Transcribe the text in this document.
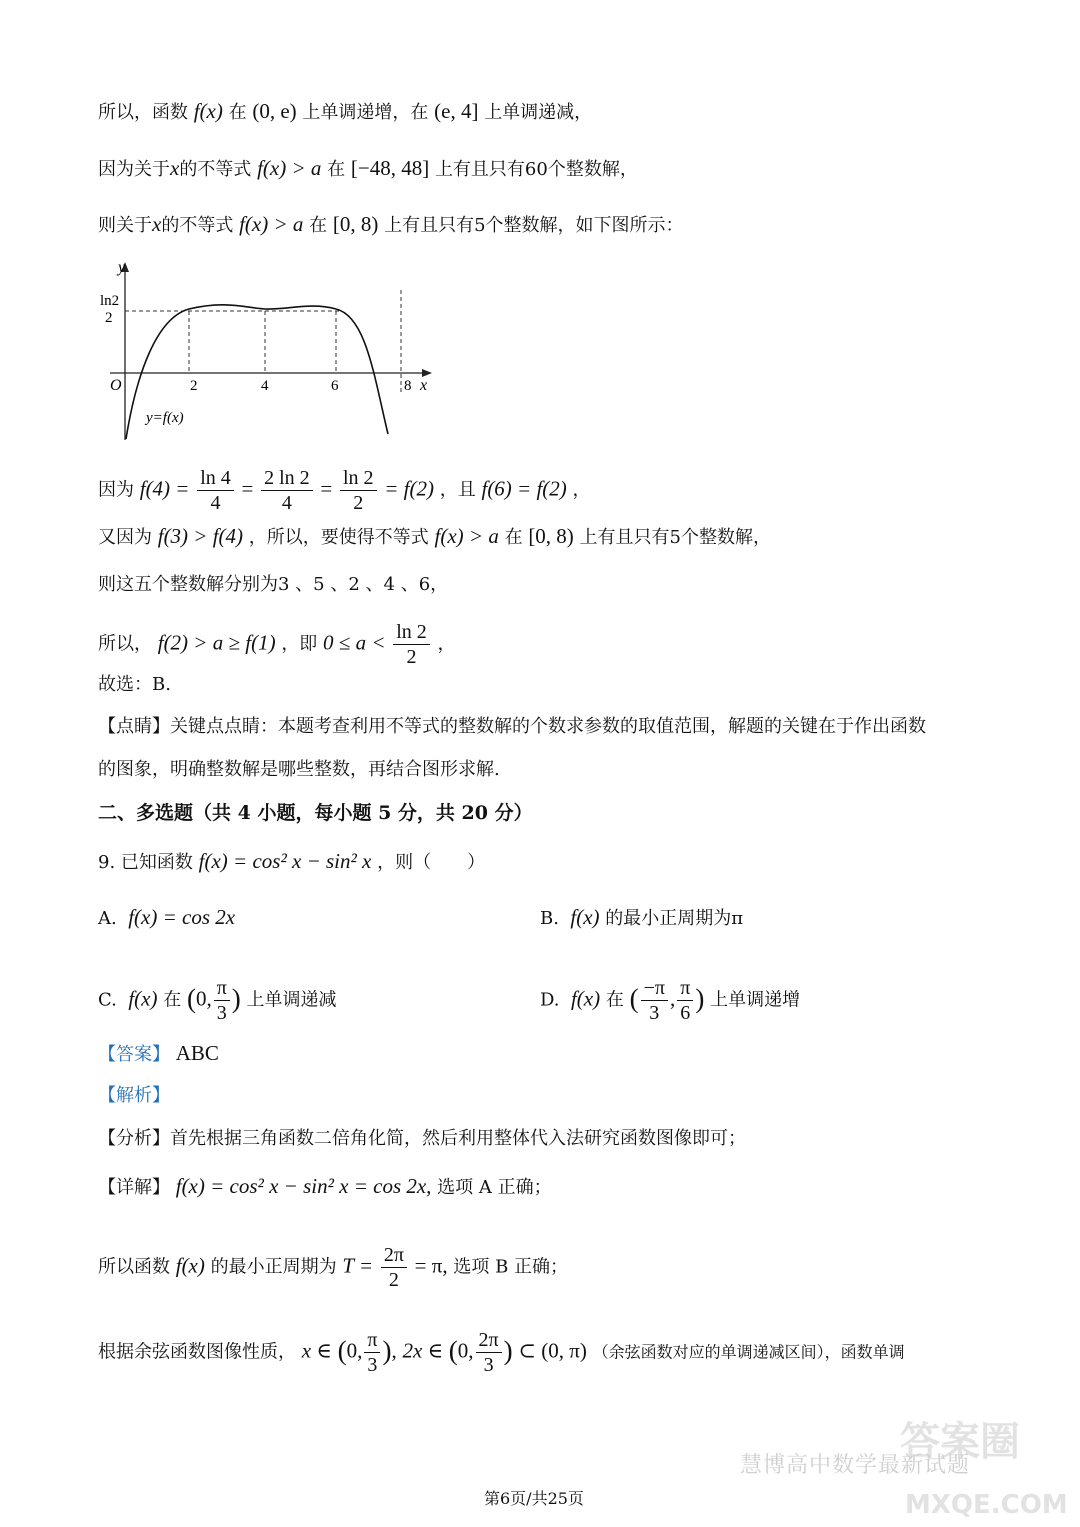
所以，函数 f(x) 在 (0, e) 上单调递增，在 (e, 4] 上单调递减，
因为关于x的不等式 f(x) > a 在 [−48, 48] 上有且只有60个整数解，
则关于x的不等式 f(x) > a 在 [0, 8) 上有且只有5个整数解，如下图所示：
y
x
O
ln2
2
2	4	6	8
y=f(x)
因为 $f(4) = \frac{\ln 4}{4} = \frac{2 \ln 2}{4} = \frac{\ln 2}{2} = f(2)$ ，且 f(6) = f(2) ，
又因为 f(3) > f(4) ，所以，要使得不等式 f(x) > a 在 [0, 8) 上有且只有5个整数解，
则这五个整数解分别为3 、5 、2 、4 、6，
所以， f(2) > a ≥ f(1) ，即 $0 \le a < \frac{\ln 2}{2}$ ，
故选：B.
【点睛】关键点点睛：本题考查利用不等式的整数解的个数求参数的取值范围，解题的关键在于作出函数
的图象，明确整数解是哪些整数，再结合图形求解.
二、多选题（共 4 小题，每小题 5 分，共 20 分）
9. 已知函数 f(x) = cos² x − sin² x ，则（　　）
A. f(x) = cos 2x	B. f(x) 的最小正周期为π
C. f(x) 在 (0, $\frac{\pi}{3}$ ) 上单调递减	D. f(x) 在 ( $\frac{-\pi}{3}$ , $\frac{\pi}{6}$ ) 上单调递增
【答案】 ABC
【解析】
【分析】首先根据三角函数二倍角化简，然后利用整体代入法研究函数图像即可；
【详解】 f(x) = cos² x − sin² x = cos 2x, 选项 A 正确；
所以函数 f(x) 的最小正周期为 $T = \frac{2\pi}{2} = \pi$, 选项 B 正确；
根据余弦函数图像性质， x ∈ (0, $\frac{\pi}{3}$ ), 2x ∈ (0, $\frac{2\pi}{3}$ ) ⊂ (0, π) （余弦函数对应的单调递减区间），函数单调
答案圈
慧博高中数学最新试题
MXQE.COM
第6页/共25页
